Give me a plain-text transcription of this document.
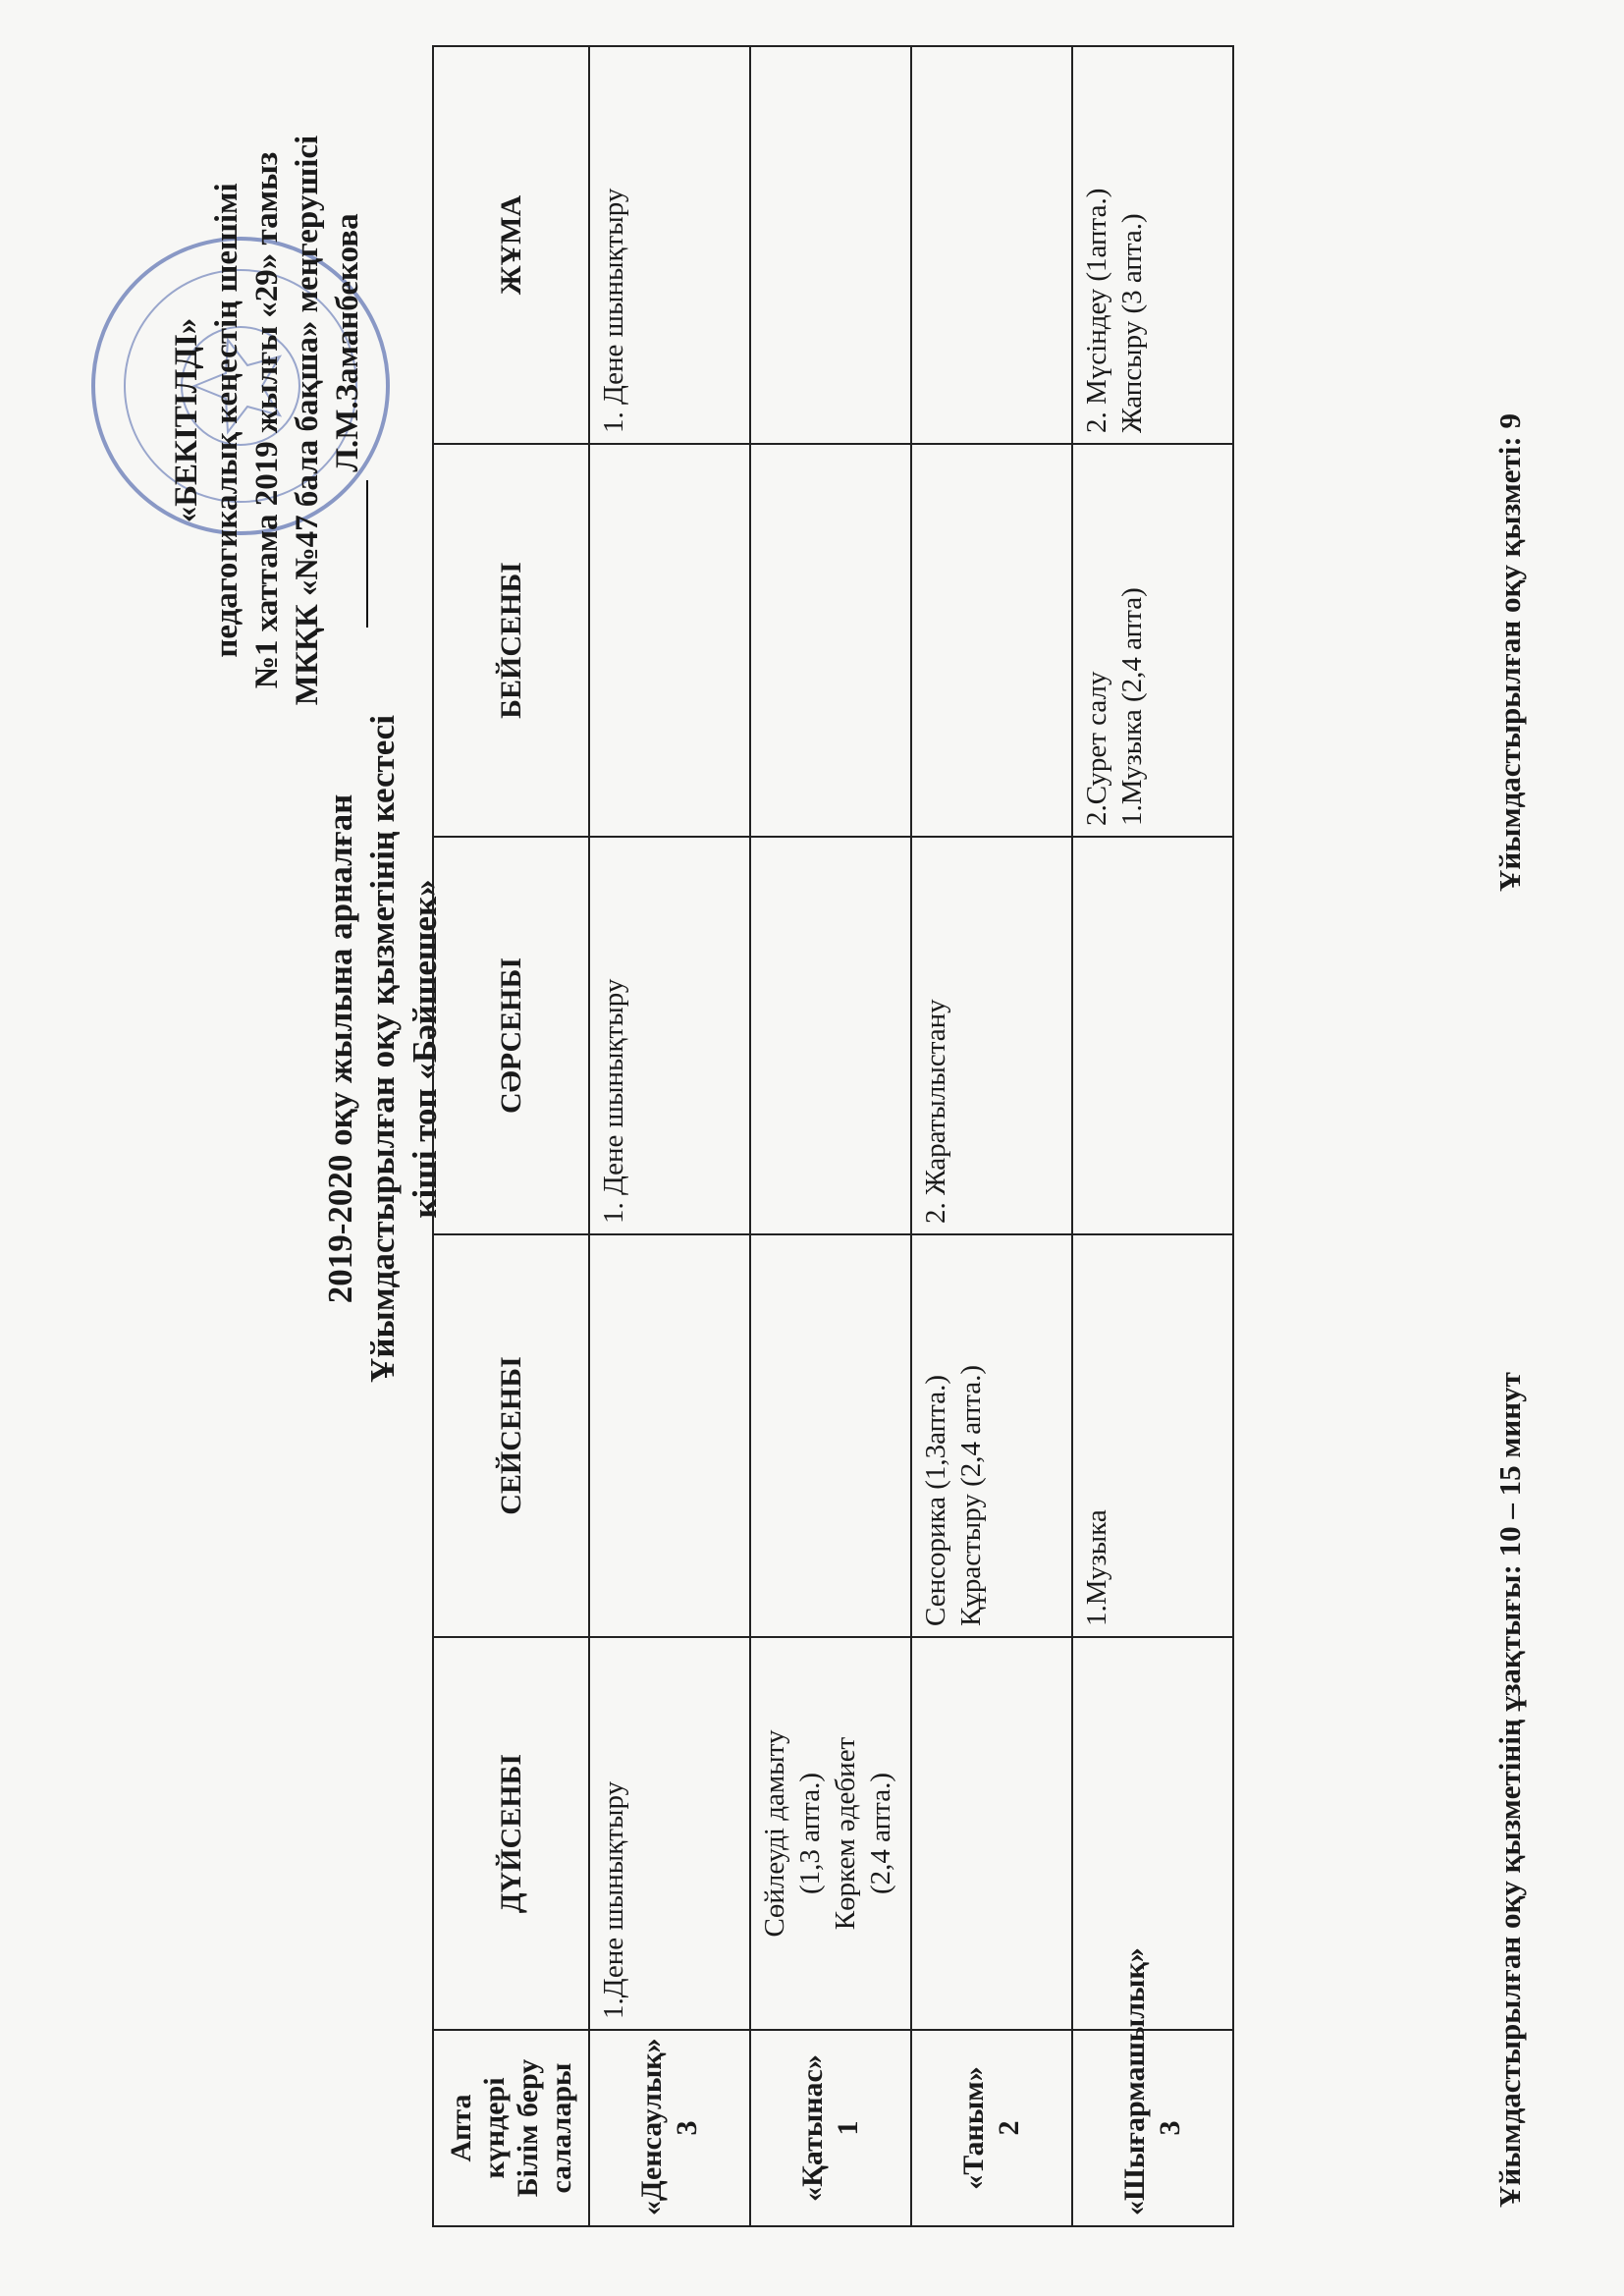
«БЕКІТІЛДІ» педагогикалық кеңестің шешімі №1 хаттама 2019 жылғы «29» тамыз МКҚК «№47 бала бақша» меңгерушісі Л.М.Заманбекова
2019-2020 оқу жылына арналған Ұйымдастырылған оқу қызметінің кестесі кіші топ «Бәйшешек»
Апта күндері Білім беру салалары	ДҮЙСЕНБІ	СЕЙСЕНБІ	СӘРСЕНБІ	БЕЙСЕНБІ	ЖҰМА

«Денсаулық» 3	1.Дене шынықтыру		1. Дене шынықтыру		1. Дене шынықтыру

«Қатынас» 1	Сөйлеуді дамыту (1,3 апта.) Көркем әдебиет (2,4 апта.)				

«Таным» 2		Сенсорика (1,3апта.) Құрастыру (2,4 апта.)	2. Жаратылыстану		

«Шығармашылық» 3		1.Музыка		2.Сурет салу 1.Музыка (2,4 апта)	2. Мүсіндеу (1апта.) Жапсыру (3 апта.)
Ұйымдастырылған оқу қызметінің ұзақтығы: 10 – 15 минут
Ұйымдастырылған оқу қызметі: 9
